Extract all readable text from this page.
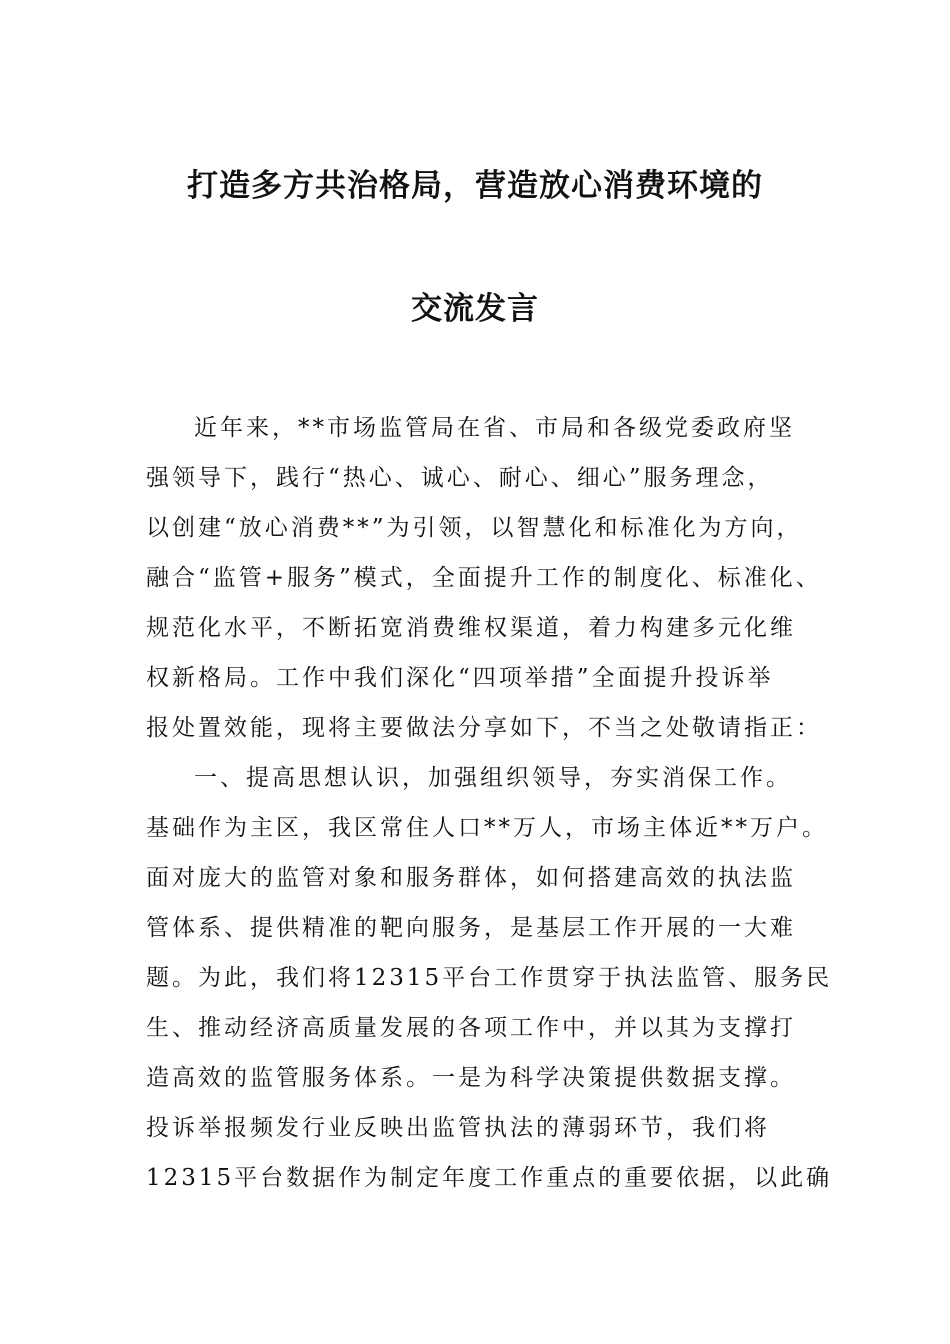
打造多方共治格局，营造放心消费环境的
交流发言
近年来，**市场监管局在省、市局和各级党委政府坚
强领导下，践行“热心、诚心、耐心、细心”服务理念，
以创建“放心消费**”为引领，以智慧化和标准化为方向，
融合“监管+服务”模式，全面提升工作的制度化、标准化、
规范化水平，不断拓宽消费维权渠道，着力构建多元化维
权新格局。工作中我们深化“四项举措”全面提升投诉举
报处置效能，现将主要做法分享如下，不当之处敬请指正：
一、提高思想认识，加强组织领导，夯实消保工作。
基础作为主区，我区常住人口**万人，市场主体近**万户。
面对庞大的监管对象和服务群体，如何搭建高效的执法监
管体系、提供精准的靶向服务，是基层工作开展的一大难
题。为此，我们将12315平台工作贯穿于执法监管、服务民
生、推动经济高质量发展的各项工作中，并以其为支撑打
造高效的监管服务体系。一是为科学决策提供数据支撑。
投诉举报频发行业反映出监管执法的薄弱环节，我们将
12315平台数据作为制定年度工作重点的重要依据，以此确
